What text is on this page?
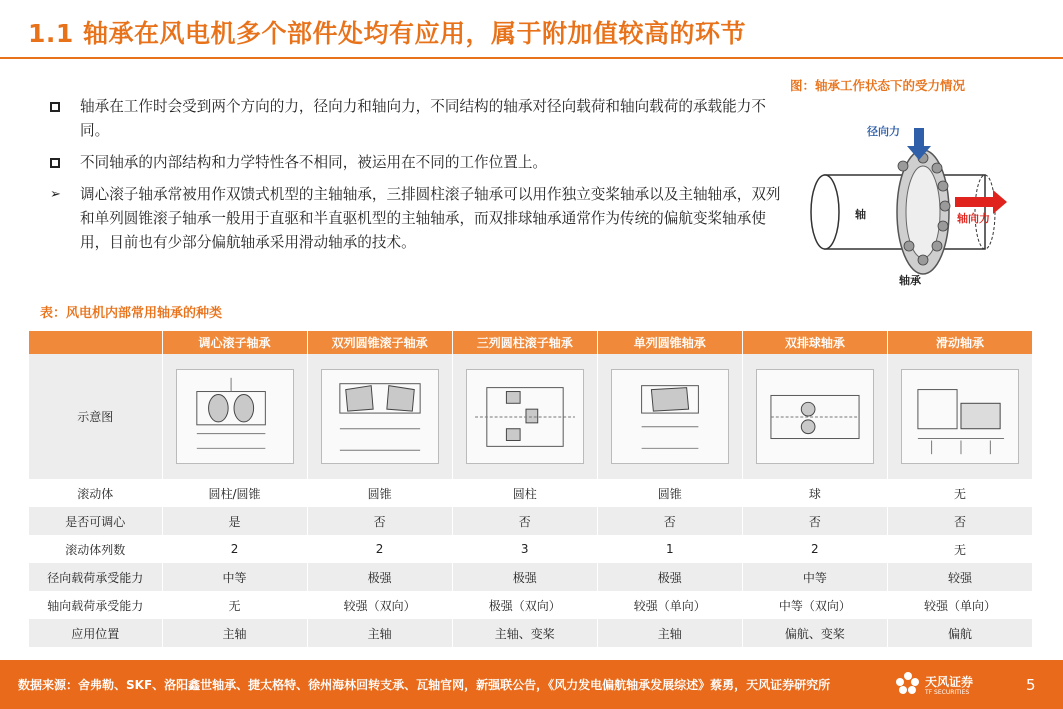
1.1 轴承在风电机多个部件处均有应用，属于附加值较高的环节
轴承在工作时会受到两个方向的力，径向力和轴向力，不同结构的轴承对径向载荷和轴向载荷的承载能力不同。
不同轴承的内部结构和力学特性各不相同，被运用在不同的工作位置上。
➢	调心滚子轴承常被用作双馈式机型的主轴轴承，三排圆柱滚子轴承可以用作独立变桨轴承以及主轴轴承，双列和单列圆锥滚子轴承一般用于直驱和半直驱机型的主轴轴承，而双排球轴承通常作为传统的偏航变桨轴承使用，目前也有少部分偏航轴承采用滑动轴承的技术。
图：轴承工作状态下的受力情况
径向力
轴向力
轴
轴承
表：风电机内部常用轴承的种类
	调心滚子轴承	双列圆锥滚子轴承	三列圆柱滚子轴承	单列圆锥轴承	双排球轴承	滑动轴承
示意图	

滚动体	圆柱/圆锥	圆锥	圆柱	圆锥	球	无
是否可调心	是	否	否	否	否	否
滚动体列数	2	2	3	1	2	无
径向载荷承受能力	中等	极强	极强	极强	中等	较强
轴向载荷承受能力	无	较强（双向）	极强（双向）	较强（单向）	中等（双向）	较强（单向）
应用位置	主轴	主轴	主轴、变桨	主轴	偏航、变桨	偏航
数据来源：舍弗勒、SKF、洛阳鑫世轴承、捷太格特、徐州海林回转支承、瓦轴官网，新强联公告，《风力发电偏航轴承发展综述》蔡勇，天风证券研究所	天风证券
TF SECURITIES	5
